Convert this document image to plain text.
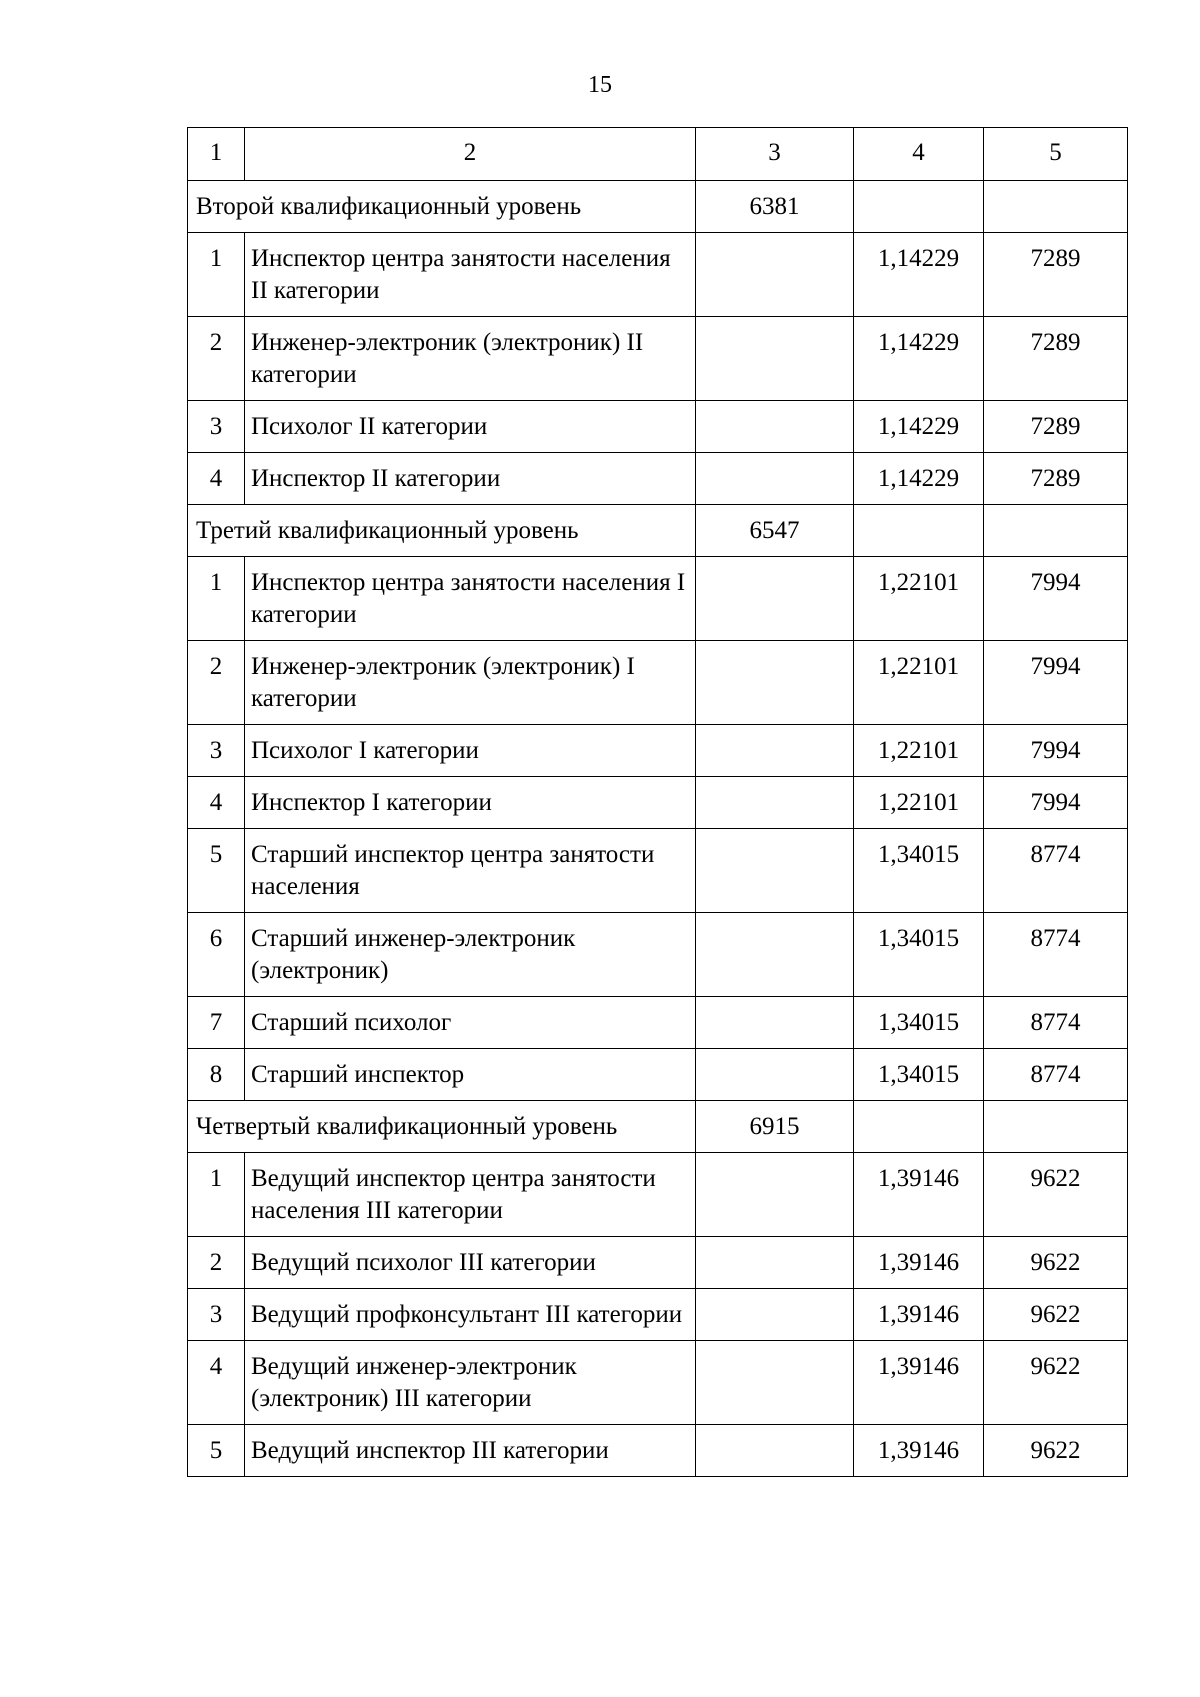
15
1	2	3	4	5
Второй квалификационный уровень		6381		
1	Инспектор центра занятости населения II категории		1,14229	7289
2	Инженер-электроник (электроник) II категории		1,14229	7289
3	Психолог II категории		1,14229	7289
4	Инспектор II категории		1,14229	7289
Третий квалификационный уровень		6547		
1	Инспектор центра занятости населения I категории		1,22101	7994
2	Инженер-электроник (электроник) I категории		1,22101	7994
3	Психолог I категории		1,22101	7994
4	Инспектор I категории		1,22101	7994
5	Старший инспектор центра занятости населения		1,34015	8774
6	Старший инженер-электроник (электроник)		1,34015	8774
7	Старший психолог		1,34015	8774
8	Старший инспектор		1,34015	8774
Четвертый квалификационный уровень		6915		
1	Ведущий инспектор центра занятости населения III категории		1,39146	9622
2	Ведущий психолог III категории		1,39146	9622
3	Ведущий профконсультант III категории		1,39146	9622
4	Ведущий инженер-электроник (электроник) III категории		1,39146	9622
5	Ведущий инспектор III категории		1,39146	9622
